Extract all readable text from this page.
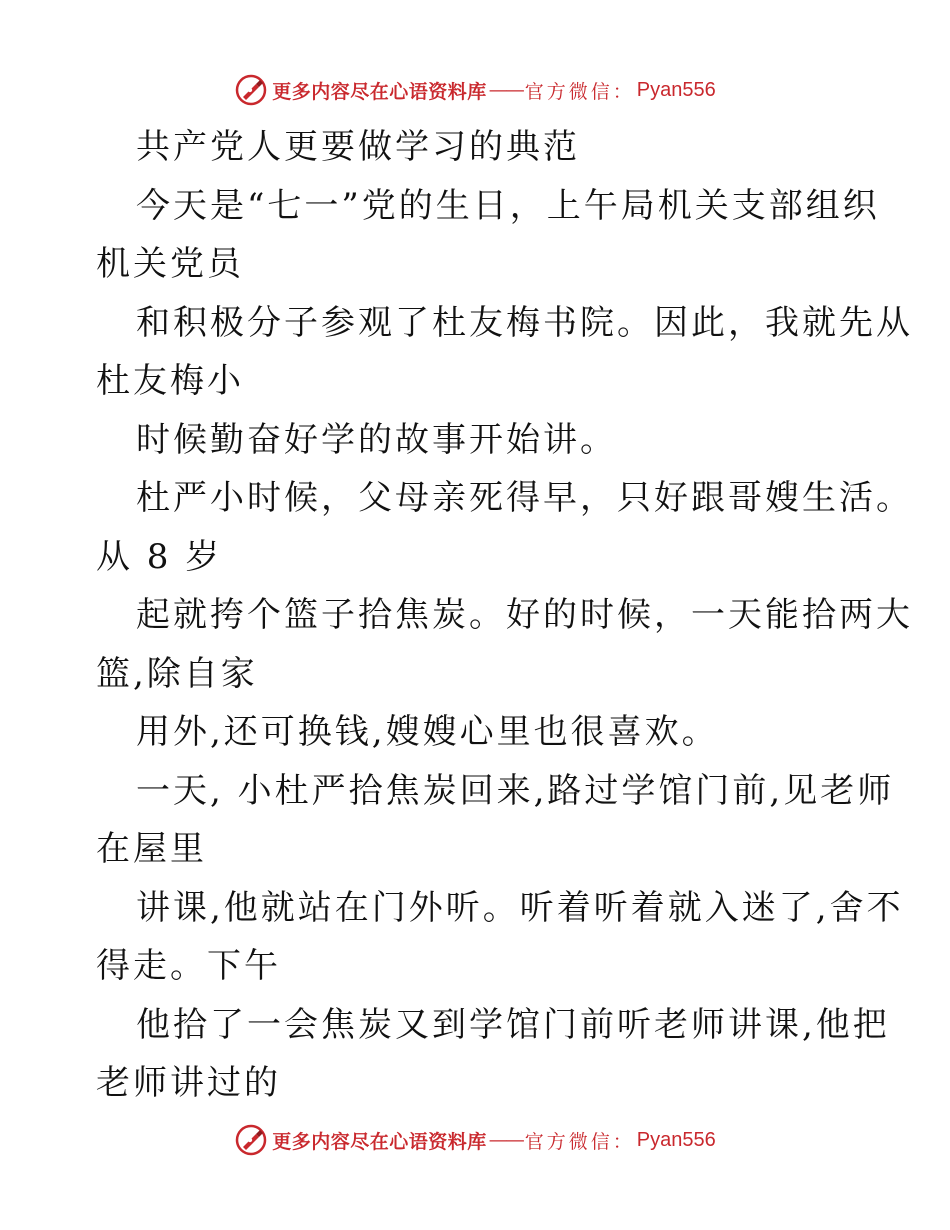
更多内容尽在心语资料库 —— 官方微信： Pyan556
共产党人更要做学习的典范
今天是“七一”党的生日，上午局机关支部组织
机关党员
和积极分子参观了杜友梅书院。因此，我就先从
杜友梅小
时候勤奋好学的故事开始讲。
杜严小时候，父母亲死得早，只好跟哥嫂生活。
从 8 岁
起就挎个篮子拾焦炭。好的时候，一天能拾两大
篮,除自家
用外,还可换钱,嫂嫂心里也很喜欢。
一天, 小杜严拾焦炭回来,路过学馆门前,见老师
在屋里
讲课,他就站在门外听。听着听着就入迷了,舍不
得走。下午
他拾了一会焦炭又到学馆门前听老师讲课,他把
老师讲过的
更多内容尽在心语资料库 —— 官方微信： Pyan556
